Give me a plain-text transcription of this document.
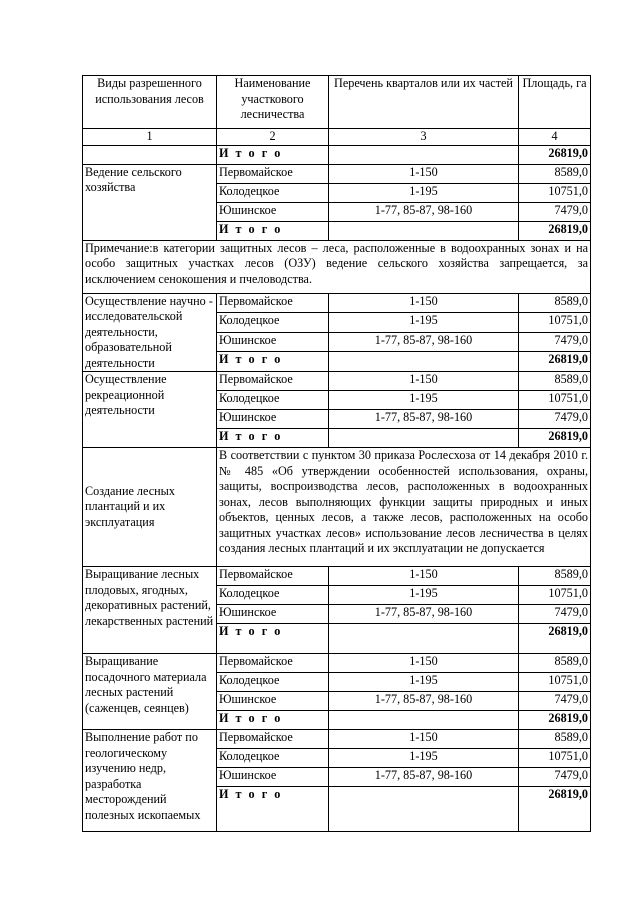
Виды разрешенного использования лесов	Наименование участкового лесничества	Перечень кварталов или их частей	Площадь, га
1	2	3	4
	И т о г о		26819,0
Ведение сельского хозяйства	Первомайское	1-150	8589,0
	Колодецкое	1-195	10751,0
	Юшинское	1-77, 85-87, 98-160	7479,0
	И т о г о		26819,0
Примечание:в категории защитных лесов – леса, расположенные в водоохранных зонах и на особо защитных участках лесов (ОЗУ) ведение сельского хозяйства запрещается, за исключением сенокошения и пчеловодства.			
Осуществление научно - исследовательской деятельности, образовательной деятельности	Первомайское	1-150	8589,0
	Колодецкое	1-195	10751,0
	Юшинское	1-77, 85-87, 98-160	7479,0
	И т о г о		26819,0
Осуществление рекреационной деятельности	Первомайское	1-150	8589,0
	Колодецкое	1-195	10751,0
	Юшинское	1-77, 85-87, 98-160	7479,0
	И т о г о		26819,0
Создание лесных плантаций и их эксплуатация	В соответствии с пунктом 30 приказа Рослесхоза от 14 декабря 2010 г. № 485 «Об утверждении особенностей использования, охраны, защиты, воспроизводства лесов, расположенных в водоохранных зонах, лесов выполняющих функции защиты природных и иных объектов, ценных лесов, а также лесов, расположенных на особо защитных участках лесов» использование лесов лесничества в целях создания лесных плантаций и их эксплуатации не допускается		
Выращивание лесных плодовых, ягодных, декоративных растений, лекарственных растений	Первомайское	1-150	8589,0
	Колодецкое	1-195	10751,0
	Юшинское	1-77, 85-87, 98-160	7479,0
	И т о г о		26819,0
Выращивание посадочного материала лесных растений (саженцев, сеянцев)	Первомайское	1-150	8589,0
	Колодецкое	1-195	10751,0
	Юшинское	1-77, 85-87, 98-160	7479,0
	И т о г о		26819,0
Выполнение работ по геологическому изучению недр, разработка месторождений полезных ископаемых	Первомайское	1-150	8589,0
	Колодецкое	1-195	10751,0
	Юшинское	1-77, 85-87, 98-160	7479,0
	И т о г о		26819,0
